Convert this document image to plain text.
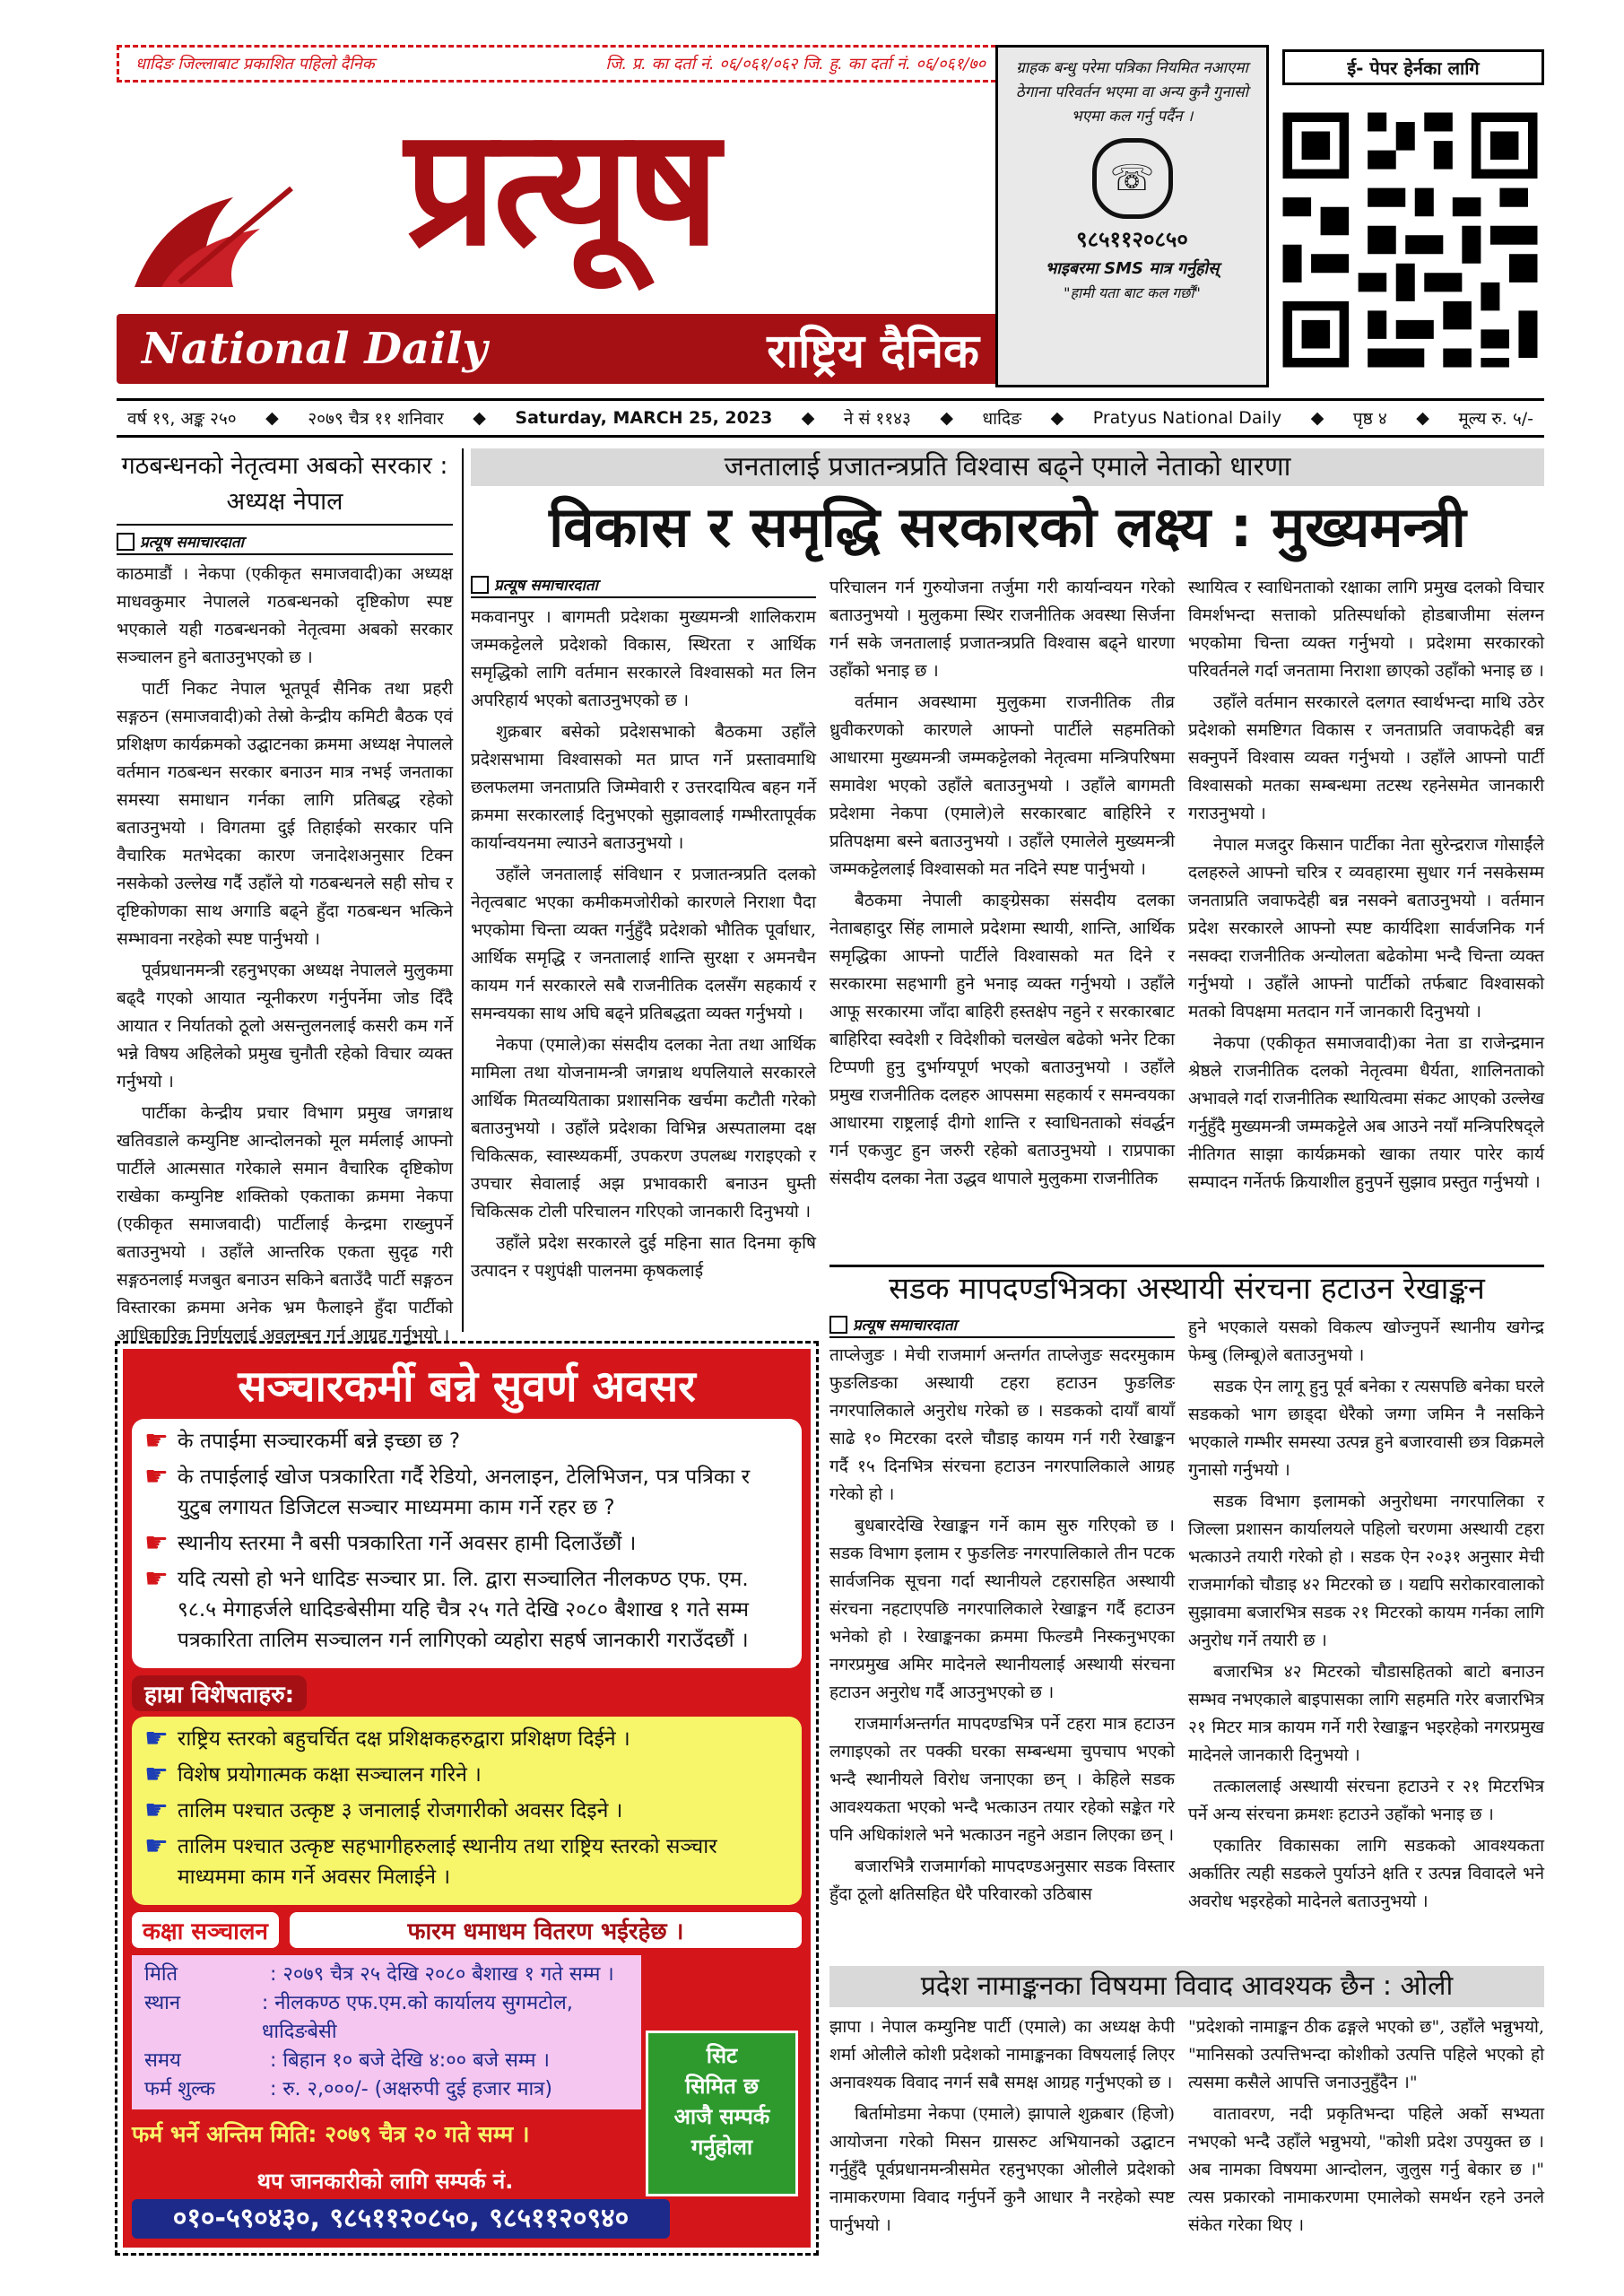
धादिङ जिल्लाबाट प्रकाशित पहिलो दैनिक	जि. प्र. का दर्ता नं. ०६/०६१/०६२ जि. हु. का दर्ता नं. ०६/०६१/७०
प्रत्यूष
National Daily	राष्ट्रिय दैनिक
ग्राहक बन्धु परेमा पत्रिका नियमित नआएमा ठेगाना परिवर्तन भएमा वा अन्य कुनै गुनासो भएमा कल गर्नु पर्दैन ।
☏
९८५११२०८५०
भाइबरमा SMS मात्र गर्नुहोस्
"हामी यता बाट कल गर्छौं"
ई- पेपर हेर्नका लागि
वर्ष १९, अङ्क २५० ◆ २०७९ चैत्र ११ शनिवार ◆ Saturday, MARCH 25, 2023 ◆ ने सं ११४३ ◆ धादिङ ◆ Pratyus National Daily ◆ पृष्ठ ४ ◆ मूल्य रु. ५/-
गठबन्धनको नेतृत्वमा अबको सरकार : अध्यक्ष नेपाल
प्रत्यूष समाचारदाता

काठमाडौं । नेकपा (एकीकृत समाजवादी)का अध्यक्ष माधवकुमार नेपालले गठबन्धनको दृष्टिकोण स्पष्ट भएकाले यही गठबन्धनको नेतृत्वमा अबको सरकार सञ्चालन हुने बताउनुभएको छ ।

पार्टी निकट नेपाल भूतपूर्व सैनिक तथा प्रहरी सङ्गठन (समाजवादी)को तेस्रो केन्द्रीय कमिटी बैठक एवं प्रशिक्षण कार्यक्रमको उद्घाटनका क्रममा अध्यक्ष नेपालले वर्तमान गठबन्धन सरकार बनाउन मात्र नभई जनताका समस्या समाधान गर्नका लागि प्रतिबद्ध रहेको बताउनुभयो । विगतमा दुई तिहाईको सरकार पनि वैचारिक मतभेदका कारण जनादेशअनुसार टिक्न नसकेको उल्लेख गर्दै उहाँले यो गठबन्धनले सही सोच र दृष्टिकोणका साथ अगाडि बढ्ने हुँदा गठबन्धन भत्किने सम्भावना नरहेको स्पष्ट पार्नुभयो ।

पूर्वप्रधानमन्त्री रहनुभएका अध्यक्ष नेपालले मुलुकमा बढ्दै गएको आयात न्यूनीकरण गर्नुपर्नेमा जोड दिँदै आयात र निर्यातको ठूलो असन्तुलनलाई कसरी कम गर्ने भन्ने विषय अहिलेको प्रमुख चुनौती रहेको विचार व्यक्त गर्नुभयो ।

पार्टीका केन्द्रीय प्रचार विभाग प्रमुख जगन्नाथ खतिवडाले कम्युनिष्ट आन्दोलनको मूल मर्मलाई आफ्नो पार्टीले आत्मसात गरेकाले समान वैचारिक दृष्टिकोण राखेका कम्युनिष्ट शक्तिको एकताका क्रममा नेकपा (एकीकृत समाजवादी) पार्टीलाई केन्द्रमा राख्नुपर्ने बताउनुभयो । उहाँले आन्तरिक एकता सुदृढ गरी सङ्गठनलाई मजबुत बनाउन सकिने बताउँदै पार्टी सङ्गठन विस्तारका क्रममा अनेक भ्रम फैलाइने हुँदा पार्टीको आधिकारिक निर्णयलाई अवलम्बन गर्न आग्रह गर्नुभयो ।

जनतालाई प्रजातन्त्रप्रति विश्वास बढ्ने एमाले नेताको धारणा
विकास र समृद्धि सरकारको लक्ष्य : मुख्यमन्त्री
प्रत्यूष समाचारदाता

मकवानपुर । बागमती प्रदेशका मुख्यमन्त्री शालिकराम जम्मकट्टेलले प्रदेशको विकास, स्थिरता र आर्थिक समृद्धिको लागि वर्तमान सरकारले विश्वासको मत लिन अपरिहार्य भएको बताउनुभएको छ ।

शुक्रबार बसेको प्रदेशसभाको बैठकमा उहाँले प्रदेशसभामा विश्वासको मत प्राप्त गर्ने प्रस्तावमाथि छलफलमा जनताप्रति जिम्मेवारी र उत्तरदायित्व बहन गर्ने क्रममा सरकारलाई दिनुभएको सुझावलाई गम्भीरतापूर्वक कार्यान्वयनमा ल्याउने बताउनुभयो ।

उहाँले जनतालाई संविधान र प्रजातन्त्रप्रति दलको नेतृत्वबाट भएका कमीकमजोरीको कारणले निराशा पैदा भएकोमा चिन्ता व्यक्त गर्नुहुँदै प्रदेशको भौतिक पूर्वाधार, आर्थिक समृद्धि र जनतालाई शान्ति सुरक्षा र अमनचैन कायम गर्न सरकारले सबै राजनीतिक दलसँग सहकार्य र समन्वयका साथ अघि बढ्ने प्रतिबद्धता व्यक्त गर्नुभयो ।

नेकपा (एमाले)का संसदीय दलका नेता तथा आर्थिक मामिला तथा योजनामन्त्री जगन्नाथ थपलियाले सरकारले आर्थिक मितव्ययिताका प्रशासनिक खर्चमा कटौती गरेको बताउनुभयो । उहाँले प्रदेशका विभिन्न अस्पतालमा दक्ष चिकित्सक, स्वास्थ्यकर्मी, उपकरण उपलब्ध गराइएको र उपचार सेवालाई अझ प्रभावकारी बनाउन घुम्ती चिकित्सक टोली परिचालन गरिएको जानकारी दिनुभयो ।

उहाँले प्रदेश सरकारले दुई महिना सात दिनमा कृषि उत्पादन र पशुपंक्षी पालनमा कृषकलाई

परिचालन गर्न गुरुयोजना तर्जुमा गरी कार्यान्वयन गरेको बताउनुभयो । मुलुकमा स्थिर राजनीतिक अवस्था सिर्जना गर्न सके जनतालाई प्रजातन्त्रप्रति विश्वास बढ्ने धारणा उहाँको भनाइ छ ।

वर्तमान अवस्थामा मुलुकमा राजनीतिक तीव्र ध्रुवीकरणको कारणले आफ्नो पार्टीले सहमतिको आधारमा मुख्यमन्त्री जम्मकट्टेलको नेतृत्वमा मन्त्रिपरिषमा समावेश भएको उहाँले बताउनुभयो । उहाँले बागमती प्रदेशमा नेकपा (एमाले)ले सरकारबाट बाहिरिने र प्रतिपक्षमा बस्ने बताउनुभयो । उहाँले एमालेले मुख्यमन्त्री जम्मकट्टेललाई विश्वासको मत नदिने स्पष्ट पार्नुभयो ।

बैठकमा नेपाली काङ्ग्रेसका संसदीय दलका नेताबहादुर सिंह लामाले प्रदेशमा स्थायी, शान्ति, आर्थिक समृद्धिका आफ्नो पार्टीले विश्वासको मत दिने र सरकारमा सहभागी हुने भनाइ व्यक्त गर्नुभयो । उहाँले आफू सरकारमा जाँदा बाहिरी हस्तक्षेप नहुने र सरकारबाट बाहिरिदा स्वदेशी र विदेशीको चलखेल बढेको भनेर टिका टिप्पणी हुनु दुर्भाग्यपूर्ण भएको बताउनुभयो । उहाँले प्रमुख राजनीतिक दलहरु आपसमा सहकार्य र समन्वयका आधारमा राष्ट्रलाई दीगो शान्ति र स्वाधिनताको संवर्द्धन गर्न एकजुट हुन जरुरी रहेको बताउनुभयो । राप्रपाका संसदीय दलका नेता उद्धव थापाले मुलुकमा राजनीतिक

स्थायित्व र स्वाधिनताको रक्षाका लागि प्रमुख दलको विचार विमर्शभन्दा सत्ताको प्रतिस्पर्धाको होडबाजीमा संलग्न भएकोमा चिन्ता व्यक्त गर्नुभयो । प्रदेशमा सरकारको परिवर्तनले गर्दा जनतामा निराशा छाएको उहाँको भनाइ छ ।

उहाँले वर्तमान सरकारले दलगत स्वार्थभन्दा माथि उठेर प्रदेशको समष्टिगत विकास र जनताप्रति जवाफदेही बन्न सक्नुपर्ने विश्वास व्यक्त गर्नुभयो । उहाँले आफ्नो पार्टी विश्वासको मतका सम्बन्धमा तटस्थ रहनेसमेत जानकारी गराउनुभयो ।

नेपाल मजदुर किसान पार्टीका नेता सुरेन्द्रराज गोसाईंले दलहरुले आफ्नो चरित्र र व्यवहारमा सुधार गर्न नसकेसम्म जनताप्रति जवाफदेही बन्न नसक्ने बताउनुभयो । वर्तमान प्रदेश सरकारले आफ्नो स्पष्ट कार्यदिशा सार्वजनिक गर्न नसक्दा राजनीतिक अन्योलता बढेकोमा भन्दै चिन्ता व्यक्त गर्नुभयो । उहाँले आफ्नो पार्टीको तर्फबाट विश्वासको मतको विपक्षमा मतदान गर्ने जानकारी दिनुभयो ।

नेकपा (एकीकृत समाजवादी)का नेता डा राजेन्द्रमान श्रेष्ठले राजनीतिक दलको नेतृत्वमा धैर्यता, शालिनताको अभावले गर्दा राजनीतिक स्थायित्वमा संकट आएको उल्लेख गर्नुहुँदै मुख्यमन्त्री जम्मकट्टेले अब आउने नयाँ मन्त्रिपरिषद्ले नीतिगत साझा कार्यक्रमको खाका तयार पारेर कार्य सम्पादन गर्नेतर्फ क्रियाशील हुनुपर्ने सुझाव प्रस्तुत गर्नुभयो ।

सडक मापदण्डभित्रका अस्थायी संरचना हटाउन रेखाङ्कन
प्रत्यूष समाचारदाता

ताप्लेजुङ । मेची राजमार्ग अन्तर्गत ताप्लेजुङ सदरमुकाम फुङलिङका अस्थायी टहरा हटाउन फुङलिङ नगरपालिकाले अनुरोध गरेको छ । सडकको दायाँ बायाँ साढे १० मिटरका दरले चौडाइ कायम गर्न गरी रेखाङ्कन गर्दै १५ दिनभित्र संरचना हटाउन नगरपालिकाले आग्रह गरेको हो ।

बुधबारदेखि रेखाङ्कन गर्ने काम सुरु गरिएको छ । सडक विभाग इलाम र फुङलिङ नगरपालिकाले तीन पटक सार्वजनिक सूचना गर्दा स्थानीयले टहरासहित अस्थायी संरचना नहटाएपछि नगरपालिकाले रेखाङ्कन गर्दै हटाउन भनेको हो । रेखाङ्कनका क्रममा फिल्डमै निस्कनुभएका नगरप्रमुख अमिर मादेनले स्थानीयलाई अस्थायी संरचना हटाउन अनुरोध गर्दै आउनुभएको छ ।

राजमार्गअन्तर्गत मापदण्डभित्र पर्ने टहरा मात्र हटाउन लगाइएको तर पक्की घरका सम्बन्धमा चुपचाप भएको भन्दै स्थानीयले विरोध जनाएका छन् । केहिले सडक आवश्यकता भएको भन्दै भत्काउन तयार रहेको सङ्केत गरे पनि अधिकांशले भने भत्काउन नहुने अडान लिएका छन् ।

बजारभित्रै राजमार्गको मापदण्डअनुसार सडक विस्तार हुँदा ठूलो क्षतिसहित धेरै परिवारको उठिबास

हुने भएकाले यसको विकल्प खोज्नुपर्ने स्थानीय खगेन्द्र फेम्बु (लिम्बू)ले बताउनुभयो ।

सडक ऐन लागू हुनु पूर्व बनेका र त्यसपछि बनेका घरले सडकको भाग छाड्दा धेरैको जग्गा जमिन नै नसकिने भएकाले गम्भीर समस्या उत्पन्न हुने बजारवासी छत्र विक्रमले गुनासो गर्नुभयो ।

सडक विभाग इलामको अनुरोधमा नगरपालिका र जिल्ला प्रशासन कार्यालयले पहिलो चरणमा अस्थायी टहरा भत्काउने तयारी गरेको हो । सडक ऐन २०३१ अनुसार मेची राजमार्गको चौडाइ ४२ मिटरको छ । यद्यपि सरोकारवालाको सुझावमा बजारभित्र सडक २१ मिटरको कायम गर्नका लागि अनुरोध गर्ने तयारी छ ।

बजारभित्र ४२ मिटरको चौडासहितको बाटो बनाउन सम्भव नभएकाले बाइपासका लागि सहमति गरेर बजारभित्र २१ मिटर मात्र कायम गर्ने गरी रेखाङ्कन भइरहेको नगरप्रमुख मादेनले जानकारी दिनुभयो ।

तत्काललाई अस्थायी संरचना हटाउने र २१ मिटरभित्र पर्ने अन्य संरचना क्रमशः हटाउने उहाँको भनाइ छ ।

एकातिर विकासका लागि सडकको आवश्यकता अर्कातिर त्यही सडकले पुर्याउने क्षति र उत्पन्न विवादले भने अवरोध भइरहेको मादेनले बताउनुभयो ।

प्रदेश नामाङ्कनका विषयमा विवाद आवश्यक छैन : ओली

झापा । नेपाल कम्युनिष्ट पार्टी (एमाले) का अध्यक्ष केपी शर्मा ओलीले कोशी प्रदेशको नामाङ्कनका विषयलाई लिएर अनावश्यक विवाद नगर्न सबै समक्ष आग्रह गर्नुभएको छ ।

बिर्तामोडमा नेकपा (एमाले) झापाले शुक्रबार (हिजो) आयोजना गरेको मिसन ग्रासरुट अभियानको उद्घाटन गर्नुहुँदै पूर्वप्रधानमन्त्रीसमेत रहनुभएका ओलीले प्रदेशको नामाकरणमा विवाद गर्नुपर्ने कुनै आधार नै नरहेको स्पष्ट पार्नुभयो ।

"प्रदेशको नामाङ्कन ठीक ढङ्गले भएको छ", उहाँले भन्नुभयो, "मानिसको उत्पत्तिभन्दा कोशीको उत्पत्ति पहिले भएको हो त्यसमा कसैले आपत्ति जनाउनुहुँदैन ।"

वातावरण, नदी प्रकृतिभन्दा पहिले अर्को सभ्यता नभएको भन्दै उहाँले भन्नुभयो, "कोशी प्रदेश उपयुक्त छ । अब नामका विषयमा आन्दोलन, जुलुस गर्नु बेकार छ ।" त्यस प्रकारको नामाकरणमा एमालेको समर्थन रहने उनले संकेत गरेका थिए ।

सञ्चारकर्मी बन्ने सुवर्ण अवसर
☛ के तपाईमा सञ्चारकर्मी बन्ने इच्छा छ ?
☛ के तपाईलाई खोज पत्रकारिता गर्दै रेडियो, अनलाइन, टेलिभिजन, पत्र पत्रिका र युटुब लगायत डिजिटल सञ्चार माध्यममा काम गर्ने रहर छ ?
☛ स्थानीय स्तरमा नै बसी पत्रकारिता गर्ने अवसर हामी दिलाउँछौं ।
☛ यदि त्यसो हो भने धादिङ सञ्चार प्रा. लि. द्वारा सञ्चालित नीलकण्ठ एफ. एम. ९८.५ मेगाहर्जले धादिङबेसीमा यहि चैत्र २५ गते देखि २०८० बैशाख १ गते सम्म पत्रकारिता तालिम सञ्चालन गर्न लागिएको व्यहोरा सहर्ष जानकारी गराउँदछौं ।
हाम्रा विशेषताहरु:
☛ राष्ट्रिय स्तरको बहुचर्चित दक्ष प्रशिक्षकहरुद्वारा प्रशिक्षण दिईने ।
☛ विशेष प्रयोगात्मक कक्षा सञ्चालन गरिने ।
☛ तालिम पश्चात उत्कृष्ट ३ जनालाई रोजगारीको अवसर दिइने ।
☛ तालिम पश्चात उत्कृष्ट सहभागीहरुलाई स्थानीय तथा राष्ट्रिय स्तरको सञ्चार माध्यममा काम गर्ने अवसर मिलाईने ।
कक्षा सञ्चालन	फारम धमाधम वितरण भईरहेछ ।
मिति	: २०७९ चैत्र २५ देखि २०८० बैशाख १ गते सम्म ।
स्थान	: नीलकण्ठ एफ.एम.को कार्यालय सुगमटोल, धादिङबेसी
समय	: बिहान १० बजे देखि ४:०० बजे सम्म ।
फर्म शुल्क	: रु. २,०००/- (अक्षरुपी दुई हजार मात्र)
सिट
सिमित छ
आजै सम्पर्क
गर्नुहोला
फर्म भर्ने अन्तिम मिति: २०७९ चैत्र २० गते सम्म ।
थप जानकारीको लागि सम्पर्क नं.
०१०-५९०४३०, ९८५११२०८५०, ९८५११२०९४०
